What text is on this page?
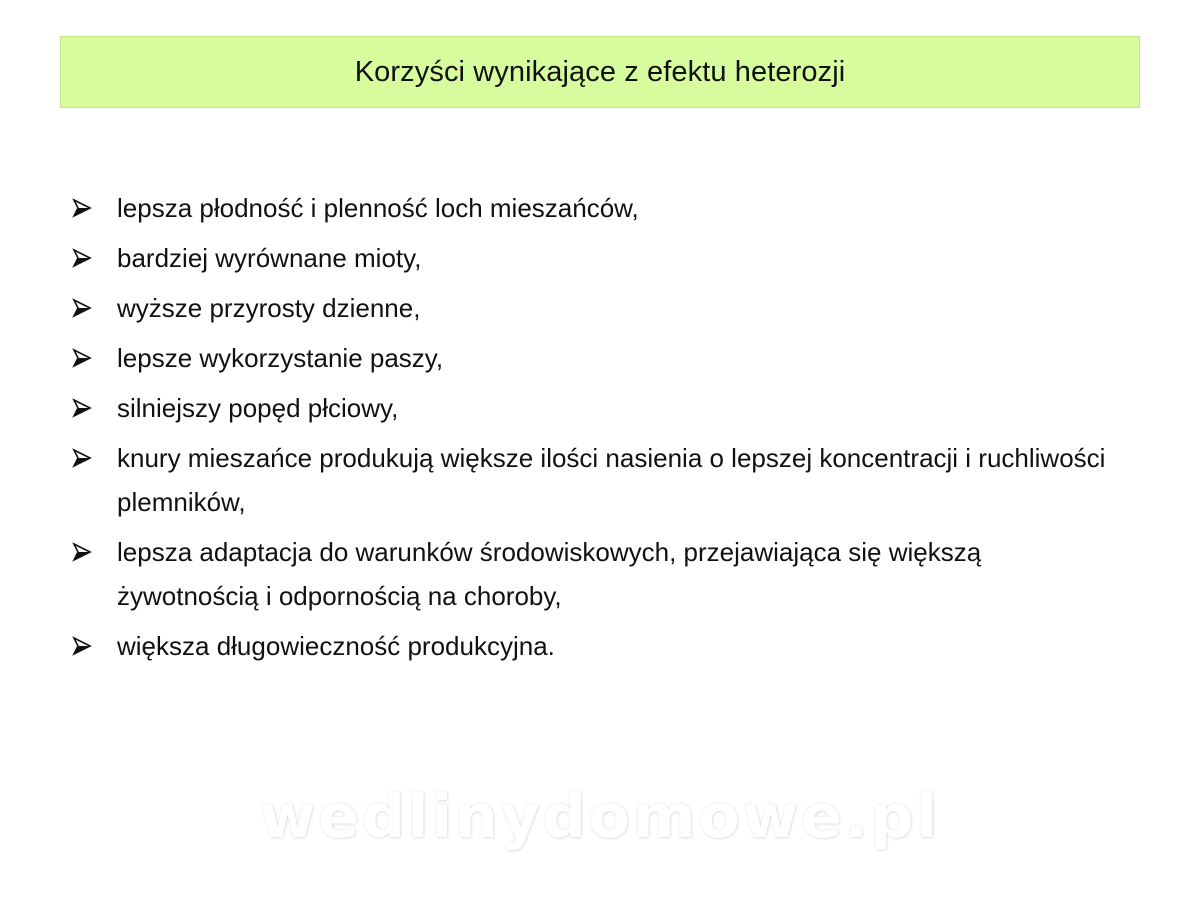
Korzyści wynikające z efektu heterozji
lepsza płodność i plenność loch mieszańców,
bardziej wyrównane mioty,
wyższe przyrosty dzienne,
lepsze wykorzystanie paszy,
silniejszy popęd płciowy,
knury mieszańce produkują większe ilości nasienia o lepszej koncentracji i ruchliwości plemników,
lepsza adaptacja do warunków środowiskowych, przejawiająca się większą żywotnością i odpornością na choroby,
większa długowieczność produkcyjna.
wedlinydomowe.pl
